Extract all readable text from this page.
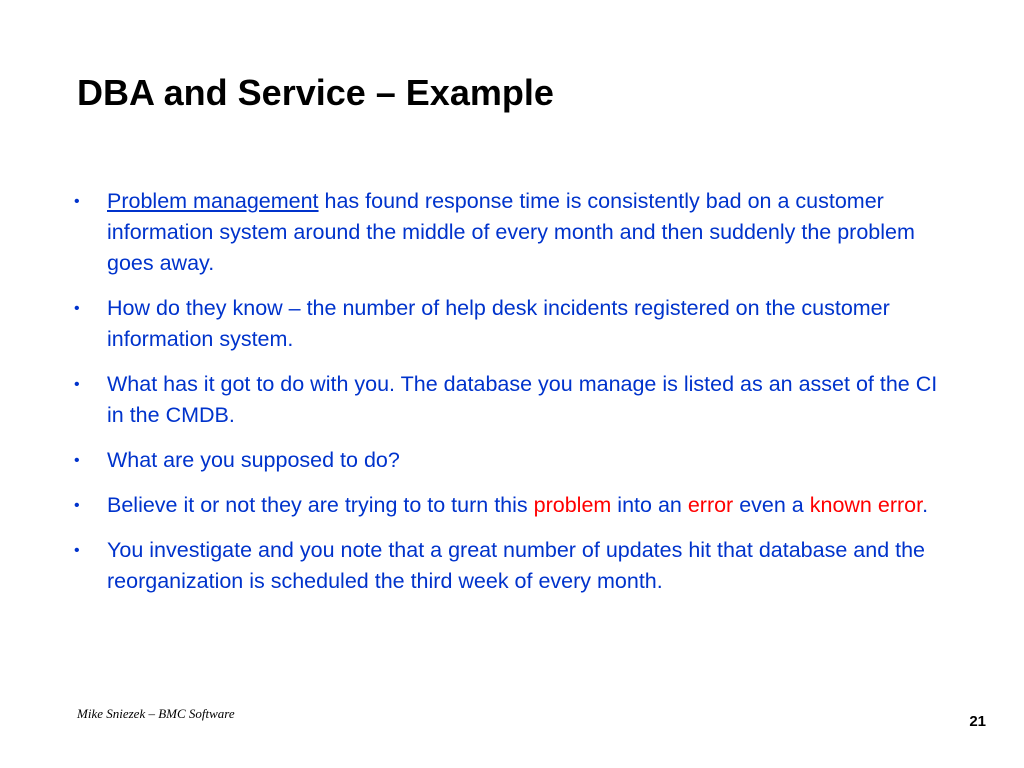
DBA and Service – Example
•	Problem management has found response time is consistently bad on a customer information system around the middle of every month and then suddenly the problem goes away.
•	How do they know – the number of help desk incidents registered on the customer information system.
•	What has it got to do with you. The database you manage is listed as an asset of the CI in the CMDB.
•	What are you supposed to do?
•	Believe it or not they are trying to to turn this problem into an error even a known error.
•	You investigate and you note that a great number of updates hit that database and the reorganization is scheduled the third week of every month.
Mike Sniezek – BMC Software	21
